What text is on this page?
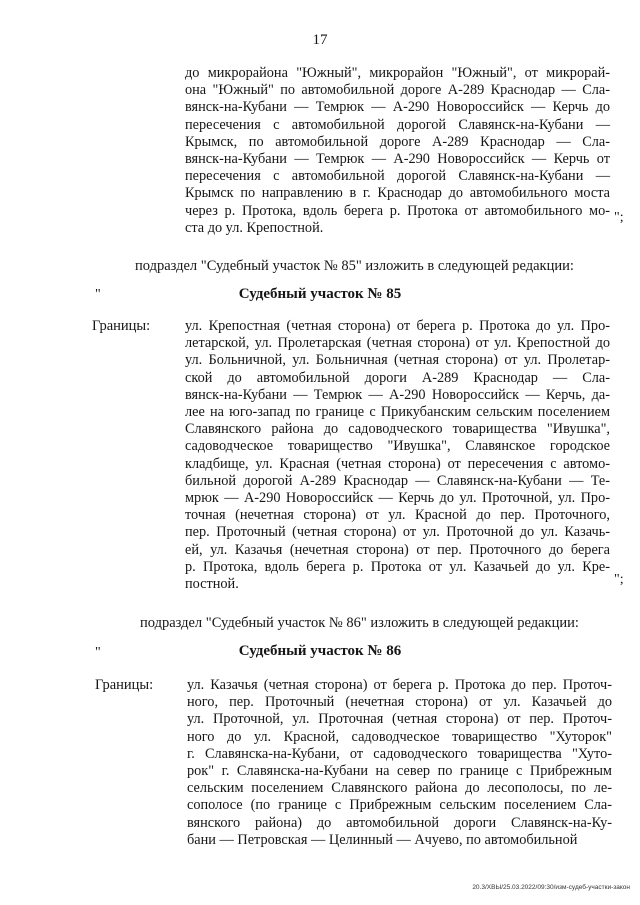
17
до микрорайона "Южный", микрорайон "Южный", от микрорай-
она "Южный" по автомобильной дороге А-289 Краснодар — Сла-
вянск-на-Кубани — Темрюк — А-290 Новороссийск — Керчь до
пересечения с автомобильной дорогой Славянск-на-Кубани —
Крымск, по автомобильной дороге А-289 Краснодар — Сла-
вянск-на-Кубани — Темрюк — А-290 Новороссийск — Керчь от
пересечения с автомобильной дорогой Славянск-на-Кубани —
Крымск по направлению в г. Краснодар до автомобильного моста
через р. Протока, вдоль берега р. Протока от автомобильного мо-
ста до ул. Крепостной.
";
подраздел "Судебный участок № 85" изложить в следующей редакции:
"	Судебный участок № 85
Границы: ул. Крепостная (четная сторона) от берега р. Протока до ул. Про-
летарской, ул. Пролетарская (четная сторона) от ул. Крепостной до
ул. Больничной, ул. Больничная (четная сторона) от ул. Пролетар-
ской до автомобильной дороги А-289 Краснодар — Сла-
вянск-на-Кубани — Темрюк — А-290 Новороссийск — Керчь, да-
лее на юго-запад по границе с Прикубанским сельским поселением
Славянского района до садоводческого товарищества "Ивушка",
садоводческое товарищество "Ивушка", Славянское городское
кладбище, ул. Красная (четная сторона) от пересечения с автомо-
бильной дорогой А-289 Краснодар — Славянск-на-Кубани — Те-
мрюк — А-290 Новороссийск — Керчь до ул. Проточной, ул. Про-
точная (нечетная сторона) от ул. Красной до пер. Проточного,
пер. Проточный (четная сторона) от ул. Проточной до ул. Казачь-
ей, ул. Казачья (нечетная сторона) от пер. Проточного до берега
р. Протока, вдоль берега р. Протока от ул. Казачьей до ул. Кре-
постной.	";
подраздел "Судебный участок № 86" изложить в следующей редакции:
"	Судебный участок № 86
Границы: ул. Казачья (четная сторона) от берега р. Протока до пер. Проточ-
ного, пер. Проточный (нечетная сторона) от ул. Казачьей до
ул. Проточной, ул. Проточная (четная сторона) от пер. Проточ-
ного до ул. Красной, садоводческое товарищество "Хуторок"
г. Славянска-на-Кубани, от садоводческого товарищества "Хуто-
рок" г. Славянска-на-Кубани на север по границе с Прибрежным
сельским поселением Славянского района до лесополосы, по ле-
сополосе (по границе с Прибрежным сельским поселением Сла-
вянского района) до автомобильной дороги Славянск-на-Ку-
бани — Петровская — Целинный — Ачуево, по автомобильной
20.3/ХВЫ/25.03.2022/09:30/изм-судеб-участки-закон
